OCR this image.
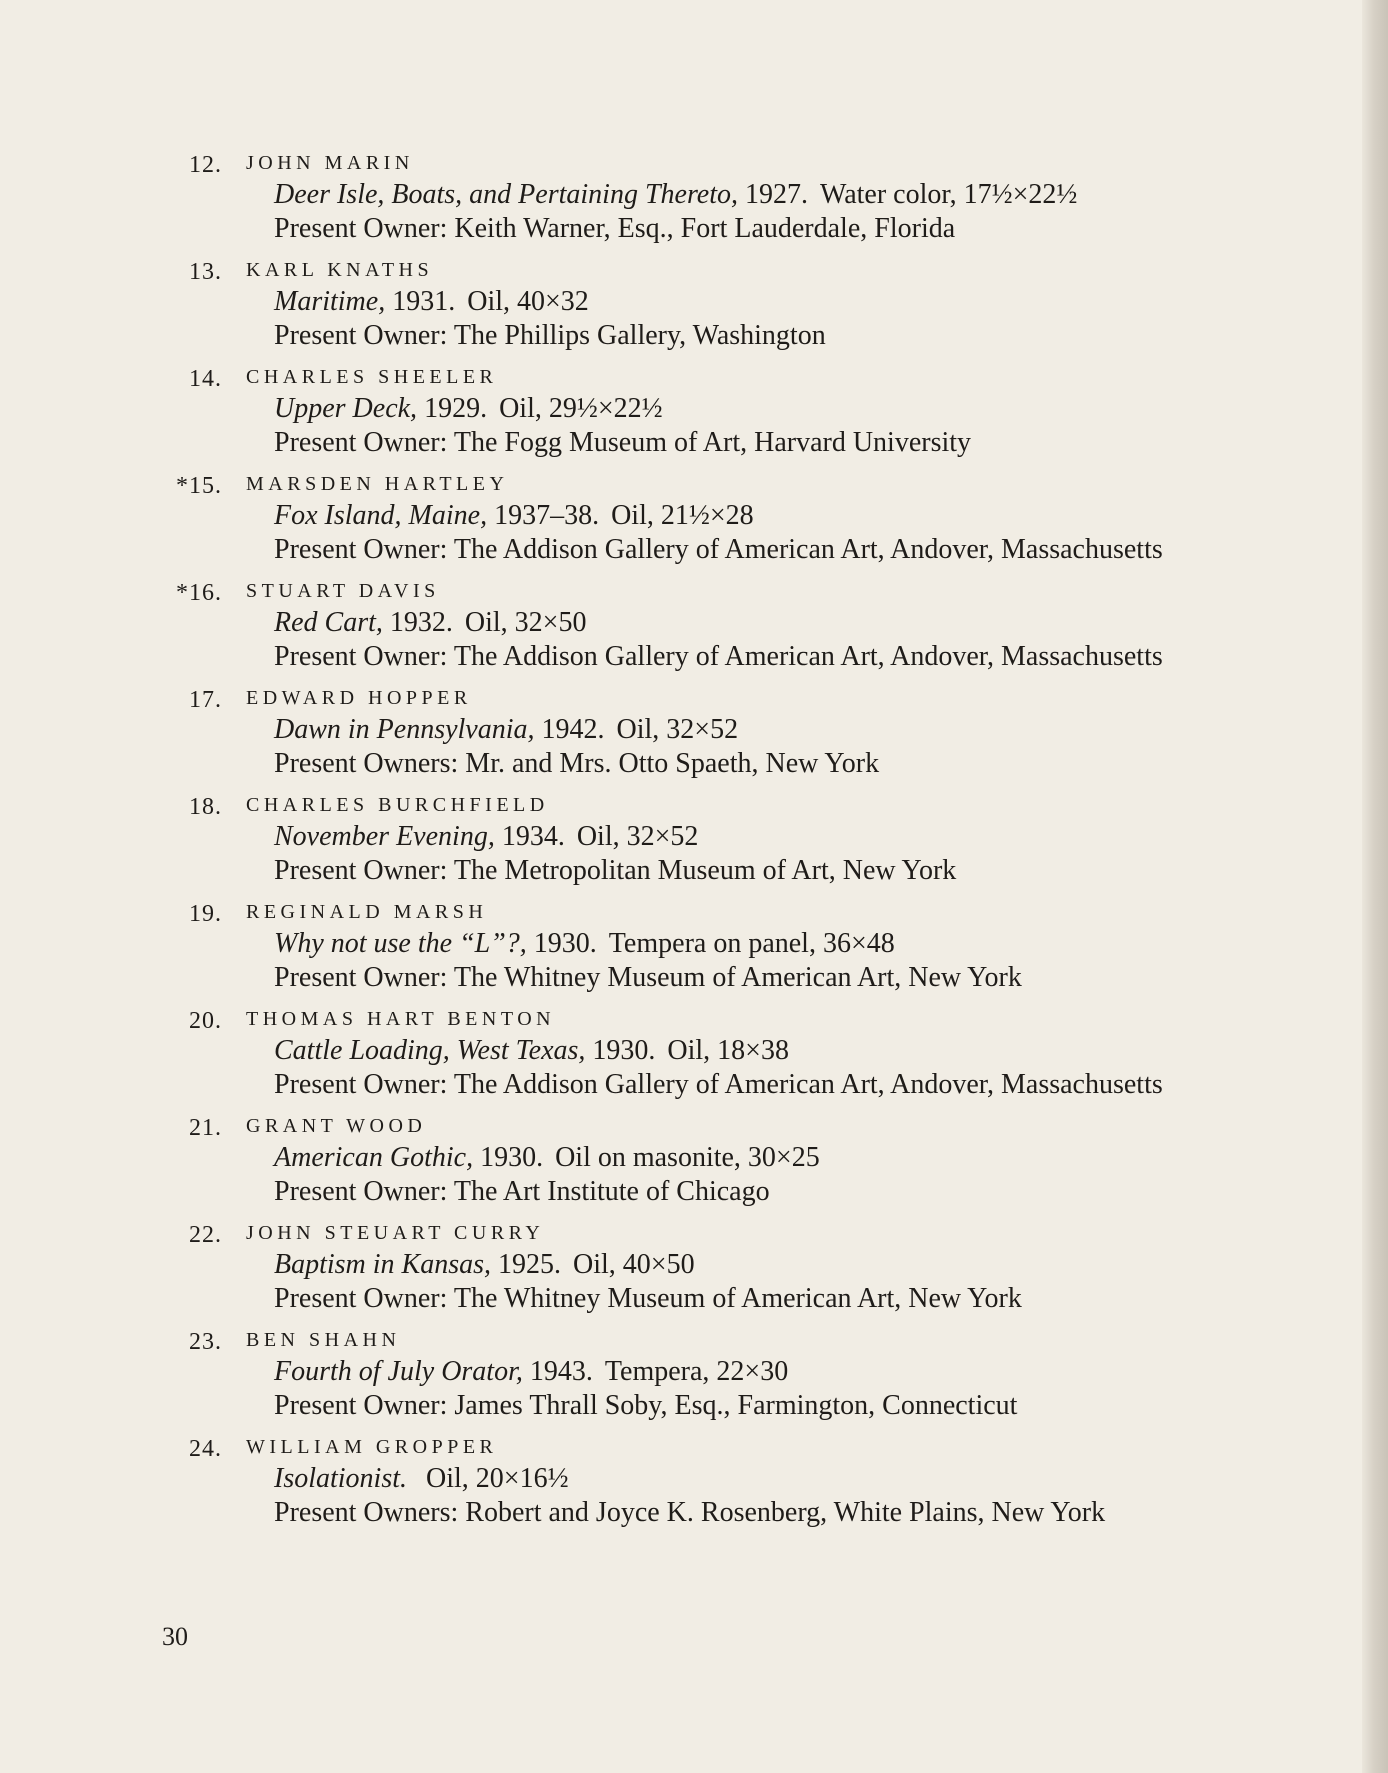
12. JOHN MARIN
Deer Isle, Boats, and Pertaining Thereto, 1927. Water color, 17½×22½
Present Owner: Keith Warner, Esq., Fort Lauderdale, Florida
13. KARL KNATHS
Maritime, 1931. Oil, 40×32
Present Owner: The Phillips Gallery, Washington
14. CHARLES SHEELER
Upper Deck, 1929. Oil, 29½×22½
Present Owner: The Fogg Museum of Art, Harvard University
*15. MARSDEN HARTLEY
Fox Island, Maine, 1937–38. Oil, 21½×28
Present Owner: The Addison Gallery of American Art, Andover, Massachusetts
*16. STUART DAVIS
Red Cart, 1932. Oil, 32×50
Present Owner: The Addison Gallery of American Art, Andover, Massachusetts
17. EDWARD HOPPER
Dawn in Pennsylvania, 1942. Oil, 32×52
Present Owners: Mr. and Mrs. Otto Spaeth, New York
18. CHARLES BURCHFIELD
November Evening, 1934. Oil, 32×52
Present Owner: The Metropolitan Museum of Art, New York
19. REGINALD MARSH
Why not use the “L”?, 1930. Tempera on panel, 36×48
Present Owner: The Whitney Museum of American Art, New York
20. THOMAS HART BENTON
Cattle Loading, West Texas, 1930. Oil, 18×38
Present Owner: The Addison Gallery of American Art, Andover, Massachusetts
21. GRANT WOOD
American Gothic, 1930. Oil on masonite, 30×25
Present Owner: The Art Institute of Chicago
22. JOHN STEUART CURRY
Baptism in Kansas, 1925. Oil, 40×50
Present Owner: The Whitney Museum of American Art, New York
23. BEN SHAHN
Fourth of July Orator, 1943. Tempera, 22×30
Present Owner: James Thrall Soby, Esq., Farmington, Connecticut
24. WILLIAM GROPPER
Isolationist. Oil, 20×16½
Present Owners: Robert and Joyce K. Rosenberg, White Plains, New York
30
